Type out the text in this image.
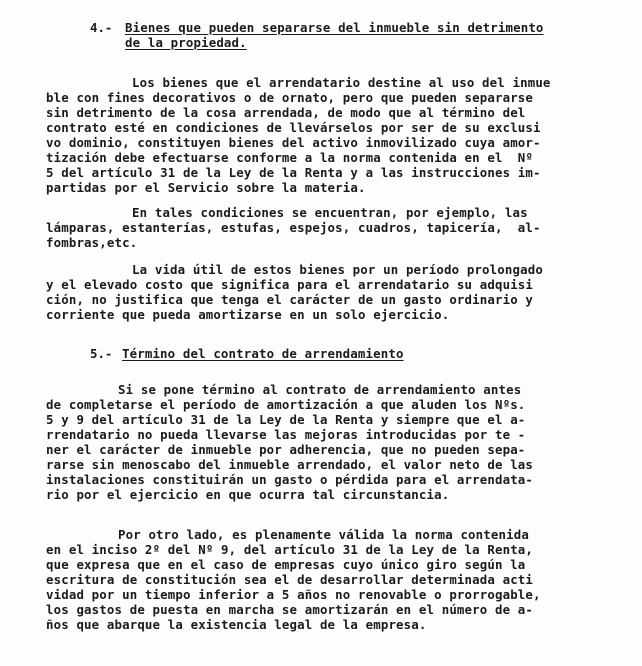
4.- Bienes que pueden separarse del inmueble sin detrimento
de la propiedad.
Los bienes que el arrendatario destine al uso del inmue
ble con fines decorativos o de ornato, pero que pueden separarse
sin detrimento de la cosa arrendada, de modo que al término del
contrato esté en condiciones de llevárselos por ser de su exclusi
vo dominio, constituyen bienes del activo inmovilizado cuya amor-
tización debe efectuarse conforme a la norma contenida en el  Nº
5 del artículo 31 de la Ley de la Renta y a las instrucciones im-
partidas por el Servicio sobre la materia.
En tales condiciones se encuentran, por ejemplo, las
lámparas, estanterías, estufas, espejos, cuadros, tapicería,  al-
fombras,etc.
La vida útil de estos bienes por un período prolongado
y el elevado costo que significa para el arrendatario su adquisi
ción, no justifica que tenga el carácter de un gasto ordinario y
corriente que pueda amortizarse en un solo ejercicio.
5.- Término del contrato de arrendamiento
Si se pone término al contrato de arrendamiento antes
de completarse el período de amortización a que aluden los Nºs.
5 y 9 del artículo 31 de la Ley de la Renta y siempre que el a-
rrendatario no pueda llevarse las mejoras introducidas por te -
ner el carácter de inmueble por adherencia, que no pueden sepa-
rarse sin menoscabo del inmueble arrendado, el valor neto de las
instalaciones constituirán un gasto o pérdida para el arrendata-
rio por el ejercicio en que ocurra tal circunstancia.
Por otro lado, es plenamente válida la norma contenida
en el inciso 2º del Nº 9, del artículo 31 de la Ley de la Renta,
que expresa que en el caso de empresas cuyo único giro según la
escritura de constitución sea el de desarrollar determinada acti
vidad por un tiempo inferior a 5 años no renovable o prorrogable,
los gastos de puesta en marcha se amortizarán en el número de a-
ños que abarque la existencia legal de la empresa.
